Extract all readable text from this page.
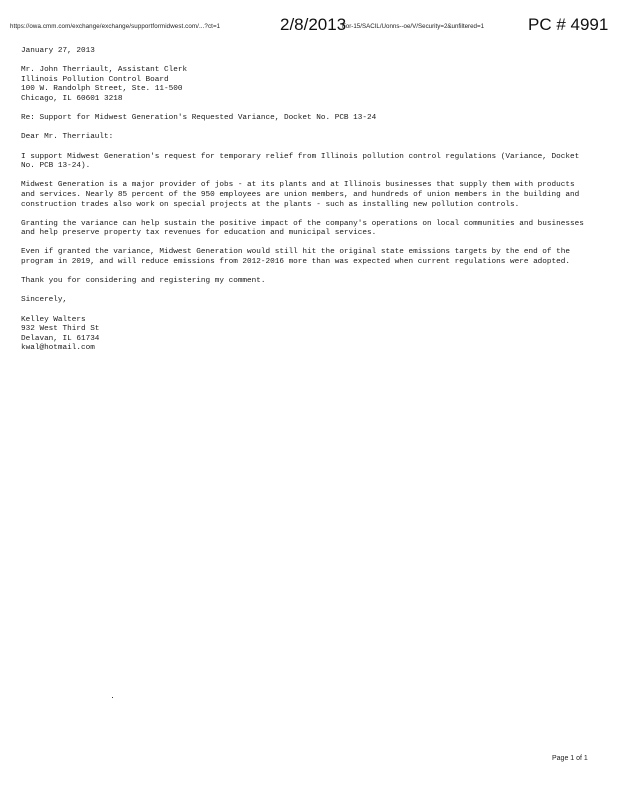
https://owa.cmm.com/exchange/exchange/supportformidwest.com/...?ct=1	2/8/2013
For-15/SACIL/Uonns--oe/V/Security=2&unfiltered=1	PC # 4991

January 27, 2013

Mr. John Therriault, Assistant Clerk

Illinois Pollution Control Board

100 W. Randolph Street, Ste. 11-500

Chicago, IL 60601 3218

Re: Support for Midwest Generation's Requested Variance, Docket No. PCB 13-24

Dear Mr. Therriault:

I support Midwest Generation's request for temporary relief from Illinois pollution control regulations (Variance, Docket No. PCB 13-24).

Midwest Generation is a major provider of jobs - at its plants and at Illinois businesses that supply them with products and services. Nearly 85 percent of the 950 employees are union members, and hundreds of union members in the building and construction trades also work on special projects at the plants - such as installing new pollution controls.

Granting the variance can help sustain the positive impact of the company's operations on local communities and businesses and help preserve property tax revenues for education and municipal services.

Even if granted the variance, Midwest Generation would still hit the original state emissions targets by the end of the program in 2019, and will reduce emissions from 2012-2016 more than was expected when current regulations were adopted.

Thank you for considering and registering my comment.

Sincerely,

Kelley Walters

932 West Third St

Delavan, IL 61734

kwal@hotmail.com

Page 1 of 1
